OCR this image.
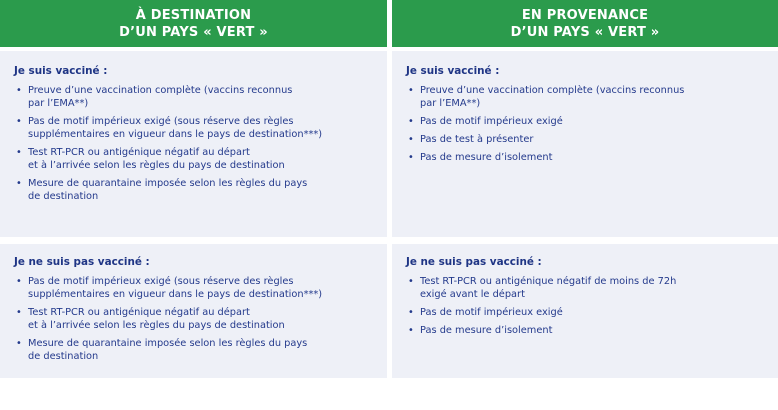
À DESTINATION
D’UN PAYS « VERT »
EN PROVENANCE
D’UN PAYS « VERT »
Je suis vacciné :
• Preuve d’une vaccination complète (vaccins reconnus
par l’EMA**)
• Pas de motif impérieux exigé (sous réserve des règles
supplémentaires en vigueur dans le pays de destination***)
• Test RT-PCR ou antigénique négatif au départ
et à l’arrivée selon les règles du pays de destination
• Mesure de quarantaine imposée selon les règles du pays
de destination
Je suis vacciné :
• Preuve d’une vaccination complète (vaccins reconnus
par l’EMA**)
• Pas de motif impérieux exigé
• Pas de test à présenter
• Pas de mesure d’isolement
Je ne suis pas vacciné :
• Pas de motif impérieux exigé (sous réserve des règles
supplémentaires en vigueur dans le pays de destination***)
• Test RT-PCR ou antigénique négatif au départ
et à l’arrivée selon les règles du pays de destination
• Mesure de quarantaine imposée selon les règles du pays
de destination
Je ne suis pas vacciné :
• Test RT-PCR ou antigénique négatif de moins de 72h
exigé avant le départ
• Pas de motif impérieux exigé
• Pas de mesure d’isolement
